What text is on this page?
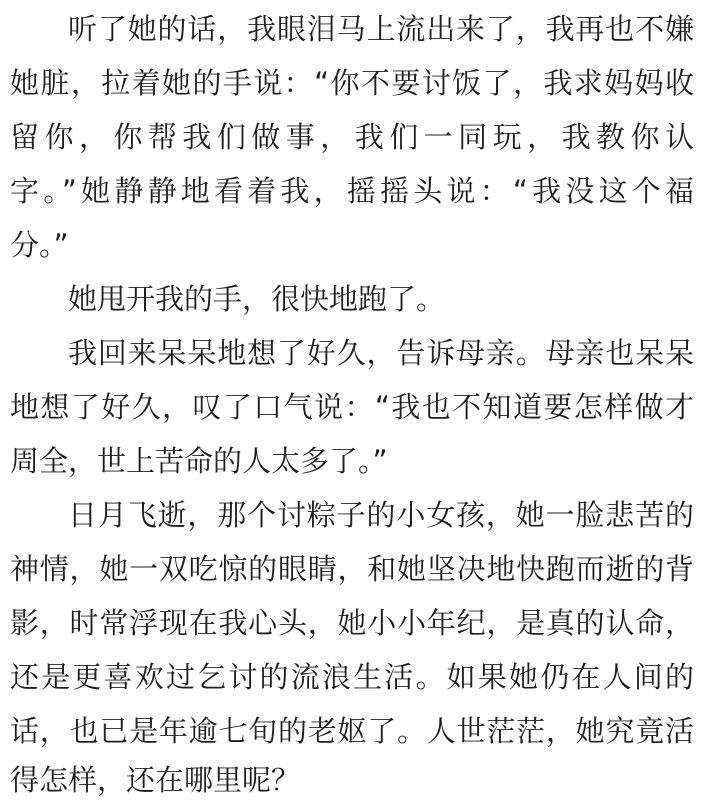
听了她的话，我眼泪马上流出来了，我再也不嫌
她脏，拉着她的手说：“你不要讨饭了，我求妈妈收
留你，你帮我们做事，我们一同玩，我教你认
字。”她静静地看着我，摇摇头说：“我没这个福
分。”
她甩开我的手，很快地跑了。
我回来呆呆地想了好久，告诉母亲。母亲也呆呆
地想了好久，叹了口气说：“我也不知道要怎样做才
周全，世上苦命的人太多了。”
日月飞逝，那个讨粽子的小女孩，她一脸悲苦的
神情，她一双吃惊的眼睛，和她坚决地快跑而逝的背
影，时常浮现在我心头，她小小年纪，是真的认命，
还是更喜欢过乞讨的流浪生活。如果她仍在人间的
话，也已是年逾七旬的老妪了。人世茫茫，她究竟活
得怎样，还在哪里呢？
